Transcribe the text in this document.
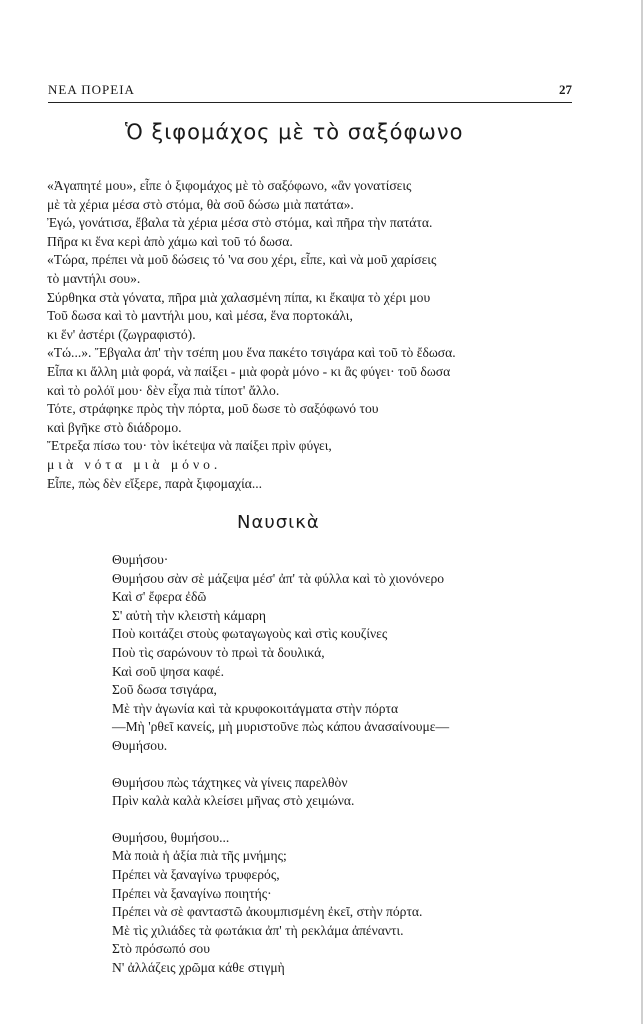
ΝΕΑ ΠΟΡΕΙΑ	27
Ὁ ξιφομάχος μὲ τὸ σαξόφωνο
«Ἀγαπητέ μου», εἶπε ὁ ξιφομάχος μὲ τὸ σαξόφωνο, «ἂν γονατίσεις
μὲ τὰ χέρια μέσα στὸ στόμα, θὰ σοῦ δώσω μιὰ πατάτα».
Ἐγώ, γονάτισα, ἔβαλα τὰ χέρια μέσα στὸ στόμα, καὶ πῆρα τὴν πατάτα.
Πῆρα κι ἕνα κερὶ ἀπὸ χάμω καὶ τοῦ τό δωσα.
«Τώρα, πρέπει νὰ μοῦ δώσεις τό 'να σου χέρι, εἶπε, καὶ νὰ μοῦ χαρίσεις
τὸ μαντήλι σου».
Σύρθηκα στὰ γόνατα, πῆρα μιὰ χαλασμένη πίπα, κι ἔκαψα τὸ χέρι μου
Τοῦ δωσα καὶ τὸ μαντήλι μου, καὶ μέσα, ἕνα πορτοκάλι,
κι ἕν' ἀστέρι (ζωγραφιστό).
«Τώ...». Ἔβγαλα ἀπ' τὴν τσέπη μου ἕνα πακέτο τσιγάρα καὶ τοῦ τὸ ἔδωσα.
Εἶπα κι ἄλλη μιὰ φορά, νὰ παίξει - μιὰ φορὰ μόνο - κι ἂς φύγει· τοῦ δωσα
καὶ τὸ ρολόϊ μου· δὲν εἶχα πιὰ τίποτ' ἄλλο.
Τότε, στράφηκε πρὸς τὴν πόρτα, μοῦ δωσε τὸ σαξόφωνό του
καὶ βγῆκε στὸ διάδρομο.
Ἔτρεξα πίσω του· τὸν ἱκέτεψα νὰ παίξει πρὶν φύγει,
μιὰ νότα μιὰ μόνο.
Εἶπε, πὼς δὲν εἴξερε, παρὰ ξιφομαχία...
Ναυσικὰ
Θυμήσου·
Θυμήσου σὰν σὲ μάζεψα μέσ' ἀπ' τὰ φύλλα καὶ τὸ χιονόνερο
Καὶ σ' ἔφερα ἐδῶ
Σ' αὐτὴ τὴν κλειστὴ κάμαρη
Ποὺ κοιτάζει στοὺς φωταγωγοὺς καὶ στὶς κουζίνες
Ποὺ τὶς σαρώνουν τὸ πρωὶ τὰ δουλικά,
Καὶ σοῦ ψησα καφέ.
Σοῦ δωσα τσιγάρα,
Μὲ τὴν ἀγωνία καὶ τὰ κρυφοκοιτάγματα στὴν πόρτα
—Μὴ 'ρθεῖ κανείς, μὴ μυριστοῦνε πὼς κάπου ἀνασαίνουμε—
Θυμήσου.
Θυμήσου πὼς τάχτηκες νὰ γίνεις παρελθὸν
Πρὶν καλὰ καλὰ κλείσει μῆνας στὸ χειμώνα.
Θυμήσου, θυμήσου...
Μὰ ποιὰ ἡ ἀξία πιὰ τῆς μνήμης;
Πρέπει νὰ ξαναγίνω τρυφερός,
Πρέπει νὰ ξαναγίνω ποιητής·
Πρέπει νὰ σὲ φανταστῶ ἀκουμπισμένη ἐκεῖ, στὴν πόρτα.
Μὲ τὶς χιλιάδες τὰ φωτάκια ἀπ' τὴ ρεκλάμα ἀπέναντι.
Στὸ πρόσωπό σου
Ν' ἀλλάζεις χρῶμα κάθε στιγμὴ
